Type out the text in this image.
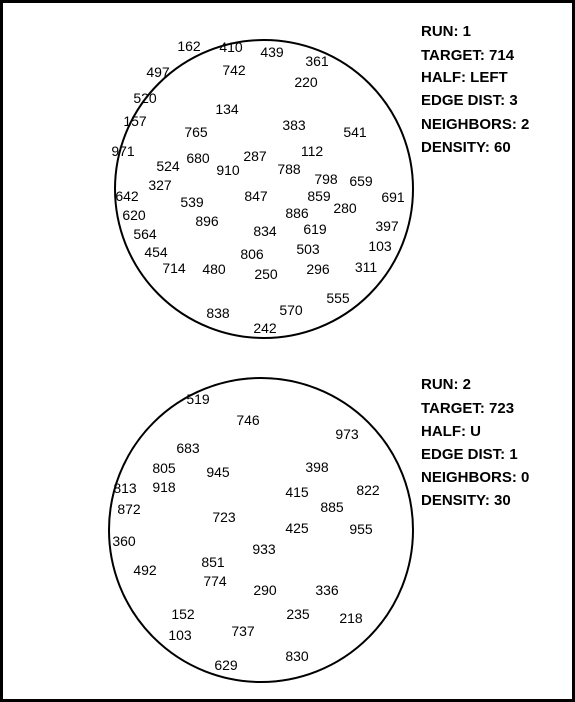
162 410 439
361
497	742
220
520
134
157	383
765	541
971	112
680 287
524	910	788
798 659
327
691
642	539	847	859
280
620	896	886
619	397
564	834
103
454	806 503
714 480 250 296 311
555
838	570
242
RUN: 1
TARGET: 714
HALF: LEFT
EDGE DIST: 3
NEIGHBORS: 2
DENSITY: 60
519
746
973
683
805 945	398
813 918	415	822
872	885
723
425	955
360	933
851
492
774
290	336
152	235 218
103	737
830
629
RUN: 2
TARGET: 723
HALF: U
EDGE DIST: 1
NEIGHBORS: 0
DENSITY: 30
